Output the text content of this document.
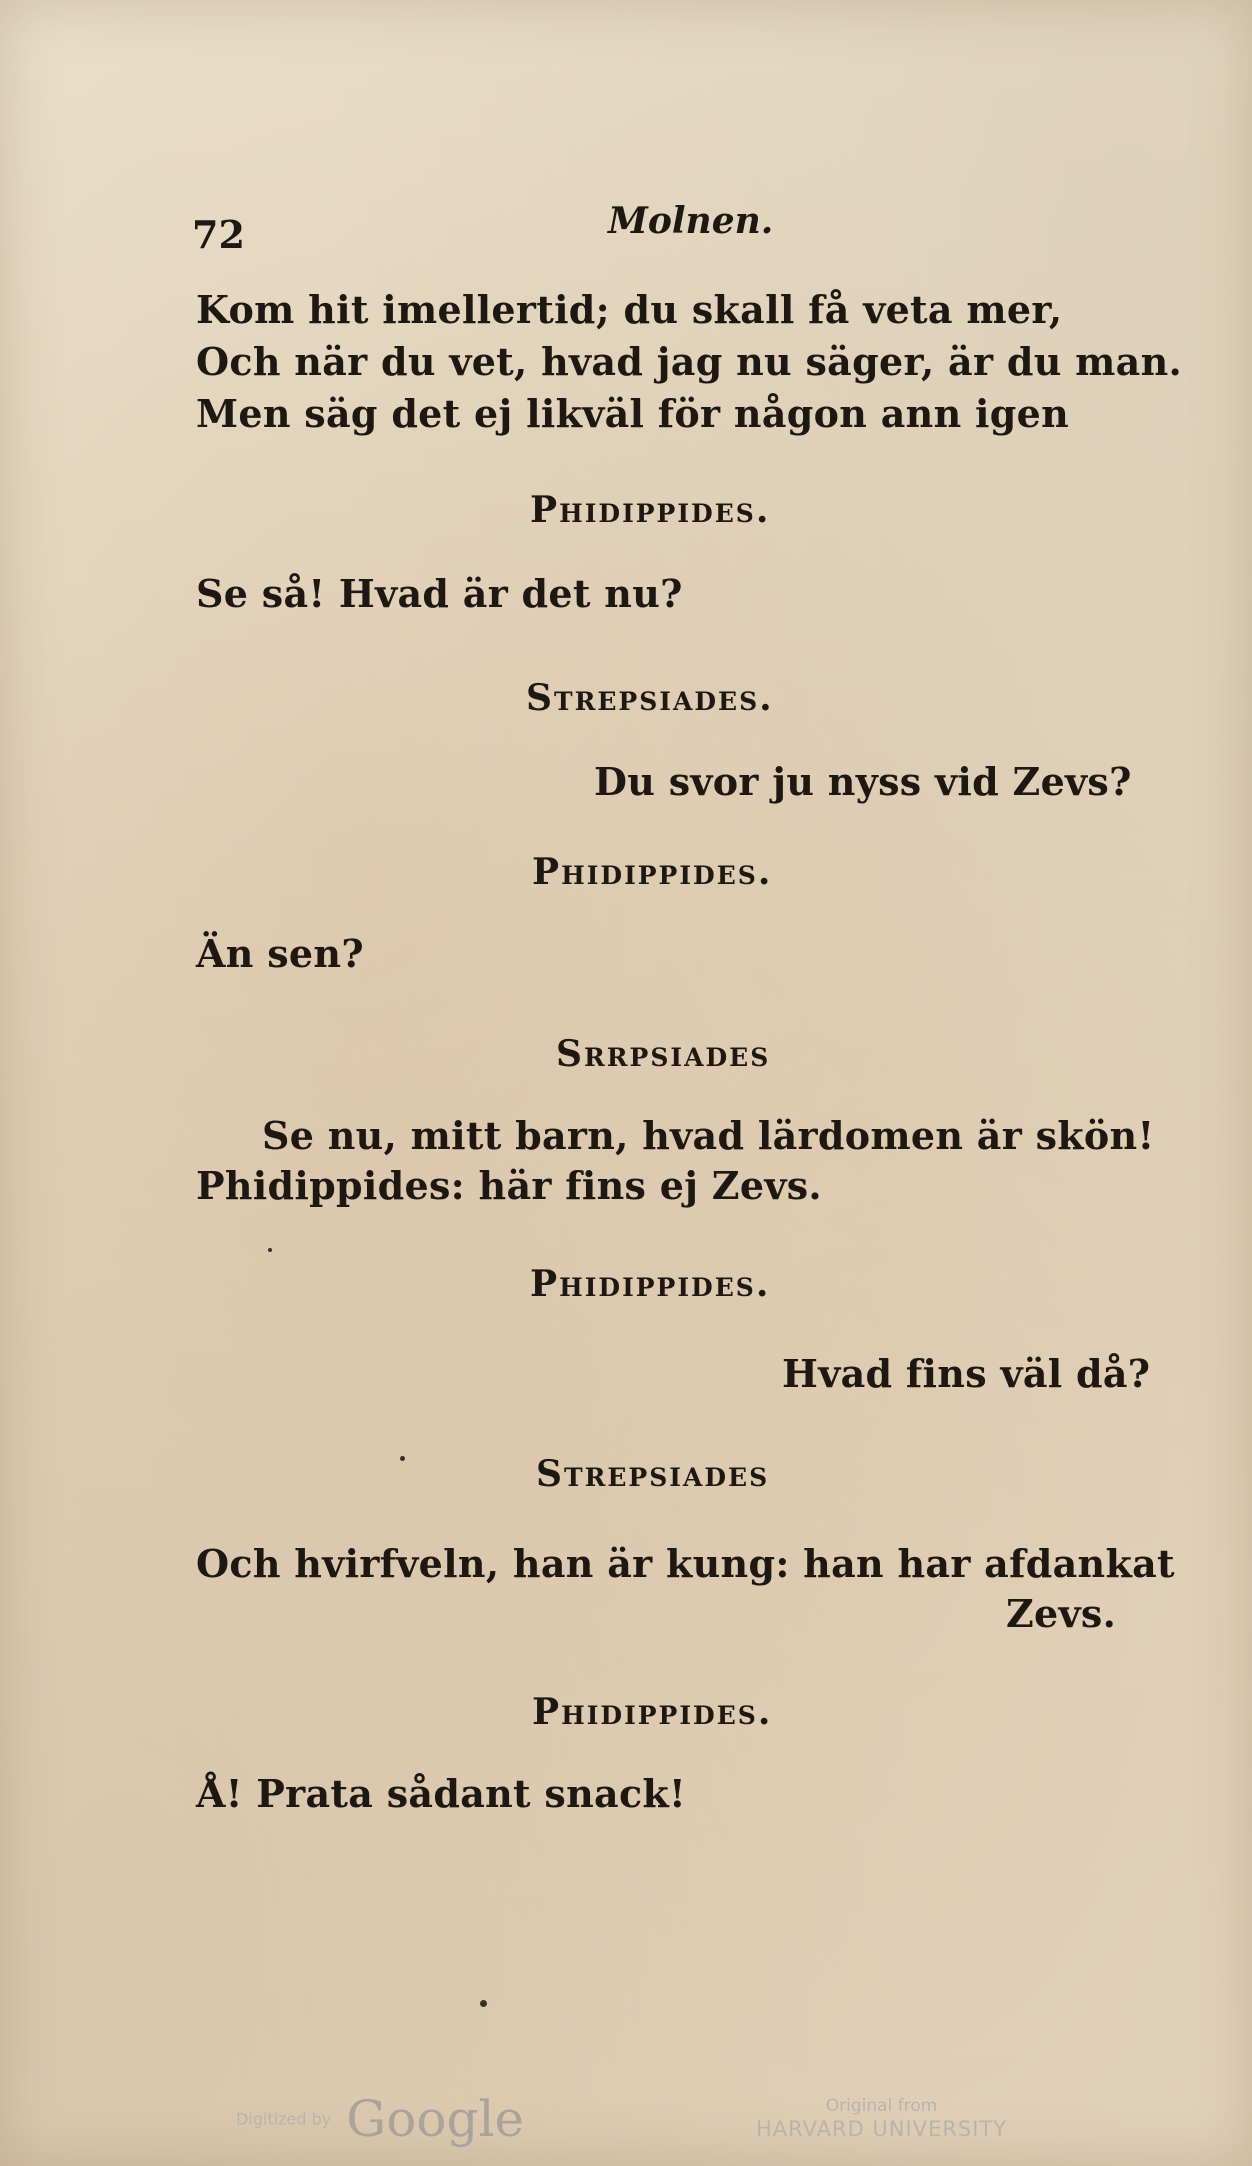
72	Molnen.
Kom hit imellertid; du skall få veta mer,
Och när du vet, hvad jag nu säger, är du man.
Men säg det ej likväl för någon ann igen
Phidippides.
Se så! Hvad är det nu?
Strepsiades.
Du svor ju nyss vid Zevs?
Phidippides.
Än sen?
Srrpsiades
Se nu, mitt barn, hvad lärdomen är skön!
Phidippides: här fins ej Zevs.
Phidippides.
Hvad fins väl då?
Strepsiades
Och hvirfveln, han är kung: han har afdankat
Zevs.
Phidippides.
Å! Prata sådant snack!
Digitized by Google	Original from
HARVARD UNIVERSITY
